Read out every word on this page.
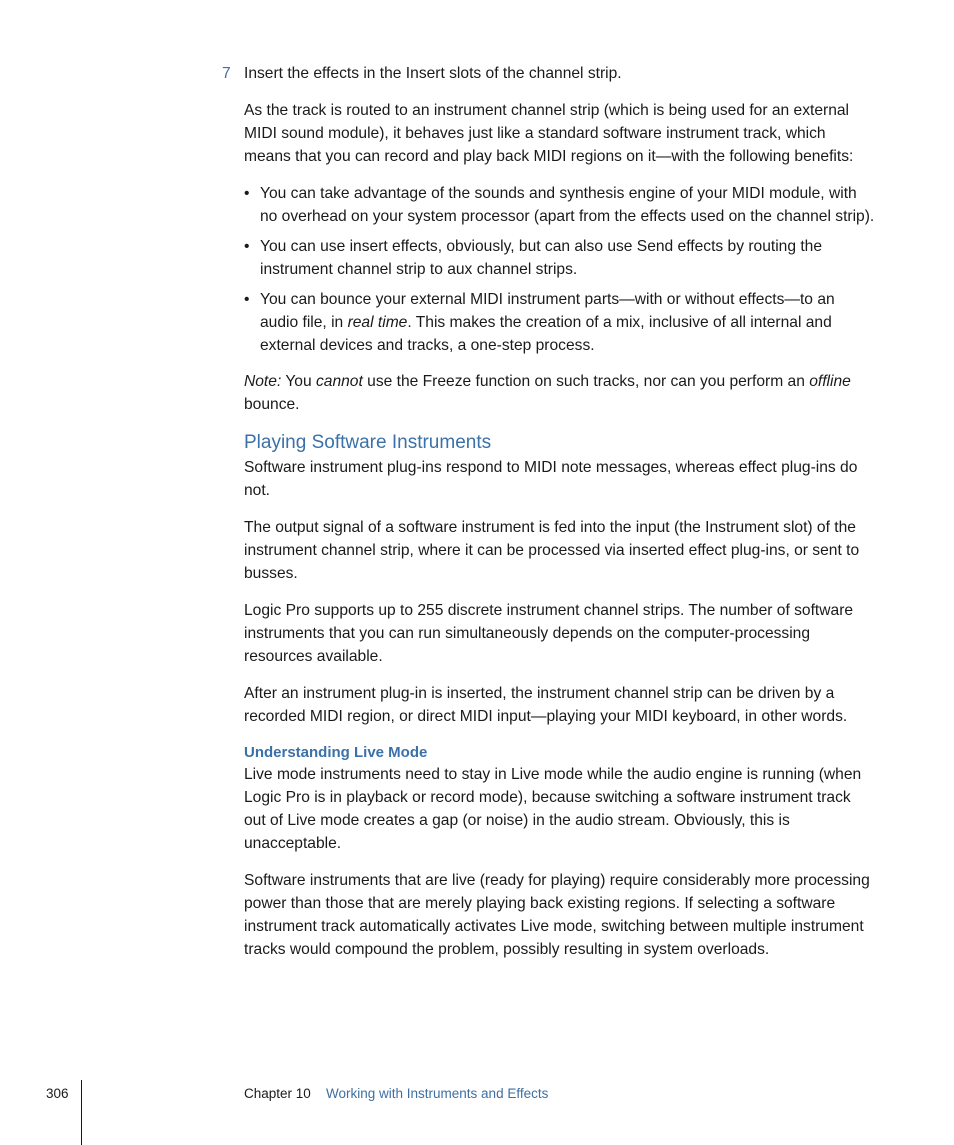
7 Insert the effects in the Insert slots of the channel strip.

As the track is routed to an instrument channel strip (which is being used for an external MIDI sound module), it behaves just like a standard software instrument track, which means that you can record and play back MIDI regions on it—with the following benefits:

• You can take advantage of the sounds and synthesis engine of your MIDI module, with no overhead on your system processor (apart from the effects used on the channel strip).
• You can use insert effects, obviously, but can also use Send effects by routing the instrument channel strip to aux channel strips.
• You can bounce your external MIDI instrument parts—with or without effects—to an audio file, in real time. This makes the creation of a mix, inclusive of all internal and external devices and tracks, a one-step process.

Note: You cannot use the Freeze function on such tracks, nor can you perform an offline bounce.

Playing Software Instruments

Software instrument plug-ins respond to MIDI note messages, whereas effect plug-ins do not.

The output signal of a software instrument is fed into the input (the Instrument slot) of the instrument channel strip, where it can be processed via inserted effect plug-ins, or sent to busses.

Logic Pro supports up to 255 discrete instrument channel strips. The number of software instruments that you can run simultaneously depends on the computer-processing resources available.

After an instrument plug-in is inserted, the instrument channel strip can be driven by a recorded MIDI region, or direct MIDI input—playing your MIDI keyboard, in other words.

Understanding Live Mode

Live mode instruments need to stay in Live mode while the audio engine is running (when Logic Pro is in playback or record mode), because switching a software instrument track out of Live mode creates a gap (or noise) in the audio stream. Obviously, this is unacceptable.

Software instruments that are live (ready for playing) require considerably more processing power than those that are merely playing back existing regions. If selecting a software instrument track automatically activates Live mode, switching between multiple instrument tracks would compound the problem, possibly resulting in system overloads.

306	Chapter 10 Working with Instruments and Effects
